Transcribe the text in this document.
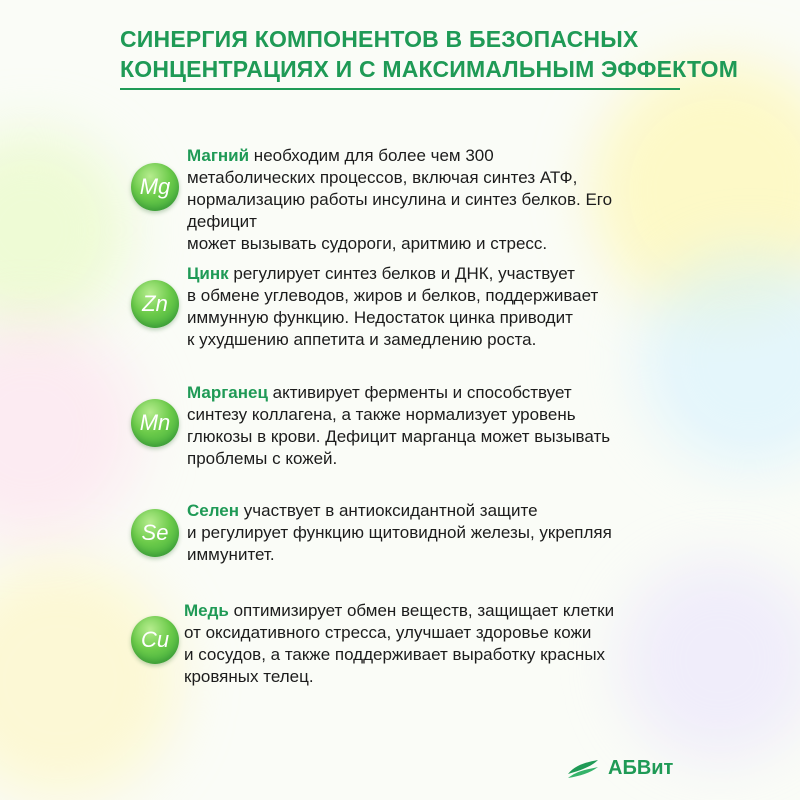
СИНЕРГИЯ КОМПОНЕНТОВ В БЕЗОПАСНЫХ
КОНЦЕНТРАЦИЯХ И С МАКСИМАЛЬНЫМ ЭФФЕКТОМ
Mg
Магний необходим для более чем 300
метаболических процессов, включая синтез АТФ,
нормализацию работы инсулина и синтез белков. Его
дефицит
может вызывать судороги, аритмию и стресс.
Zn
Цинк регулирует синтез белков и ДНК, участвует
в обмене углеводов, жиров и белков, поддерживает
иммунную функцию. Недостаток цинка приводит
к ухудшению аппетита и замедлению роста.
Mn
Марганец активирует ферменты и способствует
синтезу коллагена, а также нормализует уровень
глюкозы в крови. Дефицит марганца может вызывать
проблемы с кожей.
Se
Селен участвует в антиоксидантной защите
и регулирует функцию щитовидной железы, укрепляя
иммунитет.
Cu
Медь оптимизирует обмен веществ, защищает клетки
от оксидативного стресса, улучшает здоровье кожи
и сосудов, а также поддерживает выработку красных
кровяных телец.
АБВит
